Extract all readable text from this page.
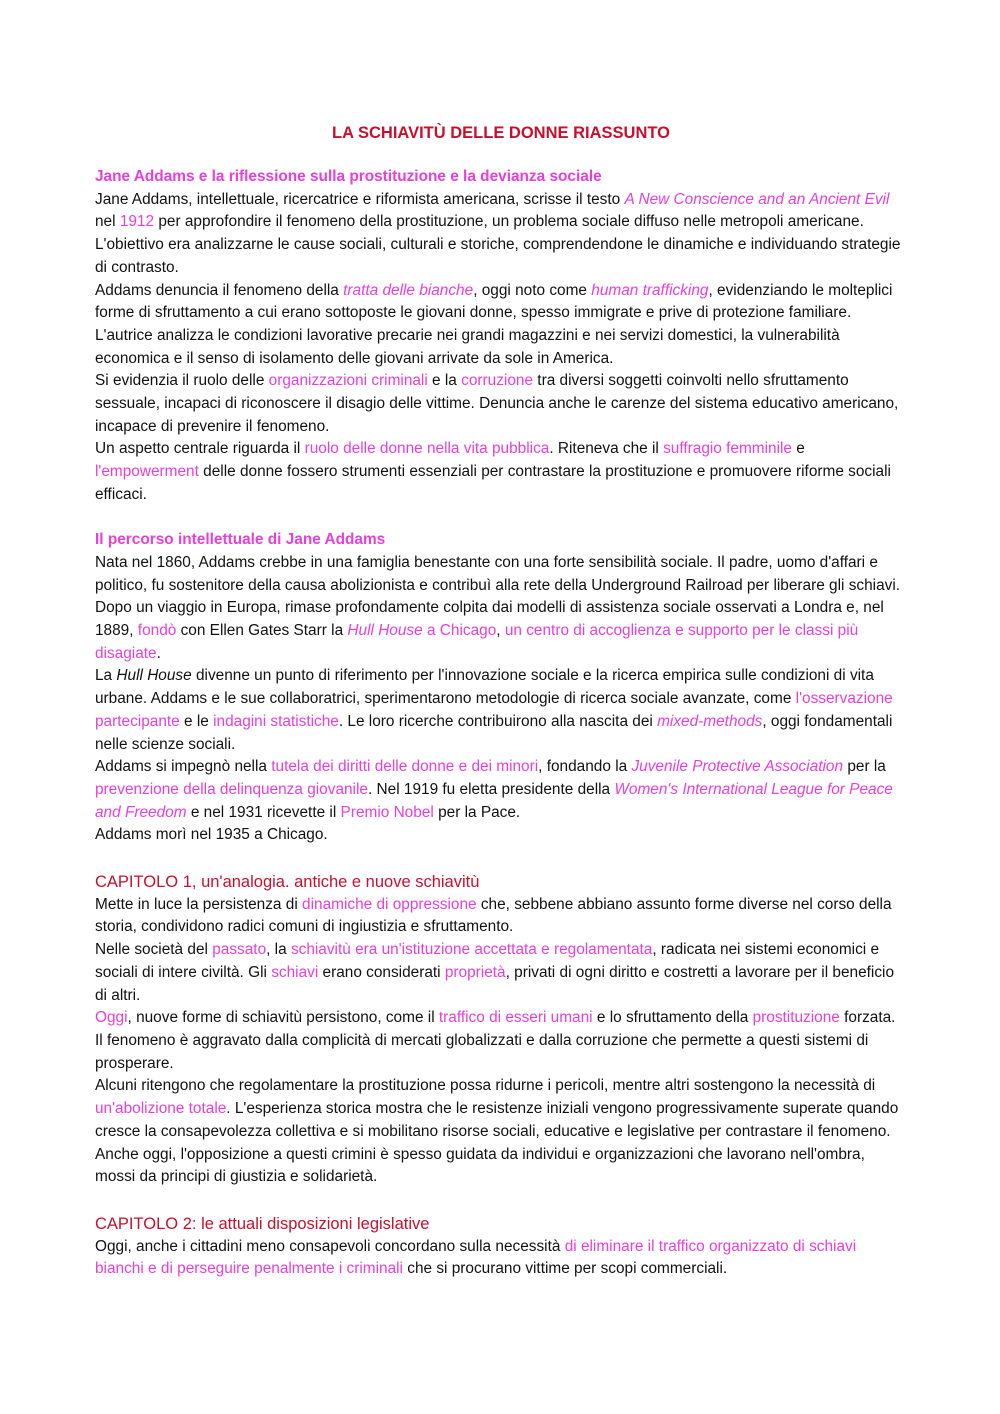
LA SCHIAVITÙ DELLE DONNE RIASSUNTO
Jane Addams e la riflessione sulla prostituzione e la devianza sociale

Jane Addams, intellettuale, ricercatrice e riformista americana, scrisse il testo A New Conscience and an Ancient Evil nel 1912 per approfondire il fenomeno della prostituzione, un problema sociale diffuso nelle metropoli americane. L'obiettivo era analizzarne le cause sociali, culturali e storiche, comprendendone le dinamiche e individuando strategie di contrasto.

Addams denuncia il fenomeno della tratta delle bianche, oggi noto come human trafficking, evidenziando le molteplici forme di sfruttamento a cui erano sottoposte le giovani donne, spesso immigrate e prive di protezione familiare. L'autrice analizza le condizioni lavorative precarie nei grandi magazzini e nei servizi domestici, la vulnerabilità economica e il senso di isolamento delle giovani arrivate da sole in America.

Si evidenzia il ruolo delle organizzazioni criminali e la corruzione tra diversi soggetti coinvolti nello sfruttamento sessuale, incapaci di riconoscere il disagio delle vittime. Denuncia anche le carenze del sistema educativo americano, incapace di prevenire il fenomeno.

Un aspetto centrale riguarda il ruolo delle donne nella vita pubblica. Riteneva che il suffragio femminile e l'empowerment delle donne fossero strumenti essenziali per contrastare la prostituzione e promuovere riforme sociali efficaci.

Il percorso intellettuale di Jane Addams

Nata nel 1860, Addams crebbe in una famiglia benestante con una forte sensibilità sociale. Il padre, uomo d'affari e politico, fu sostenitore della causa abolizionista e contribuì alla rete della Underground Railroad per liberare gli schiavi. Dopo un viaggio in Europa, rimase profondamente colpita dai modelli di assistenza sociale osservati a Londra e, nel 1889, fondò con Ellen Gates Starr la Hull House a Chicago, un centro di accoglienza e supporto per le classi più disagiate.

La Hull House divenne un punto di riferimento per l'innovazione sociale e la ricerca empirica sulle condizioni di vita urbane. Addams e le sue collaboratrici, sperimentarono metodologie di ricerca sociale avanzate, come l'osservazione partecipante e le indagini statistiche. Le loro ricerche contribuirono alla nascita dei mixed-methods, oggi fondamentali nelle scienze sociali.

Addams si impegnò nella tutela dei diritti delle donne e dei minori, fondando la Juvenile Protective Association per la prevenzione della delinquenza giovanile. Nel 1919 fu eletta presidente della Women's International League for Peace and Freedom e nel 1931 ricevette il Premio Nobel per la Pace.

Addams morì nel 1935 a Chicago.

CAPITOLO 1, un'analogia. antiche e nuove schiavitù

Mette in luce la persistenza di dinamiche di oppressione che, sebbene abbiano assunto forme diverse nel corso della storia, condividono radici comuni di ingiustizia e sfruttamento.

Nelle società del passato, la schiavitù era un'istituzione accettata e regolamentata, radicata nei sistemi economici e sociali di intere civiltà. Gli schiavi erano considerati proprietà, privati di ogni diritto e costretti a lavorare per il beneficio di altri.

Oggi, nuove forme di schiavitù persistono, come il traffico di esseri umani e lo sfruttamento della prostituzione forzata. Il fenomeno è aggravato dalla complicità di mercati globalizzati e dalla corruzione che permette a questi sistemi di prosperare.

Alcuni ritengono che regolamentare la prostituzione possa ridurne i pericoli, mentre altri sostengono la necessità di un'abolizione totale. L'esperienza storica mostra che le resistenze iniziali vengono progressivamente superate quando cresce la consapevolezza collettiva e si mobilitano risorse sociali, educative e legislative per contrastare il fenomeno.

Anche oggi, l'opposizione a questi crimini è spesso guidata da individui e organizzazioni che lavorano nell'ombra, mossi da principi di giustizia e solidarietà.

CAPITOLO 2: le attuali disposizioni legislative

Oggi, anche i cittadini meno consapevoli concordano sulla necessità di eliminare il traffico organizzato di schiavi bianchi e di perseguire penalmente i criminali che si procurano vittime per scopi commerciali.
